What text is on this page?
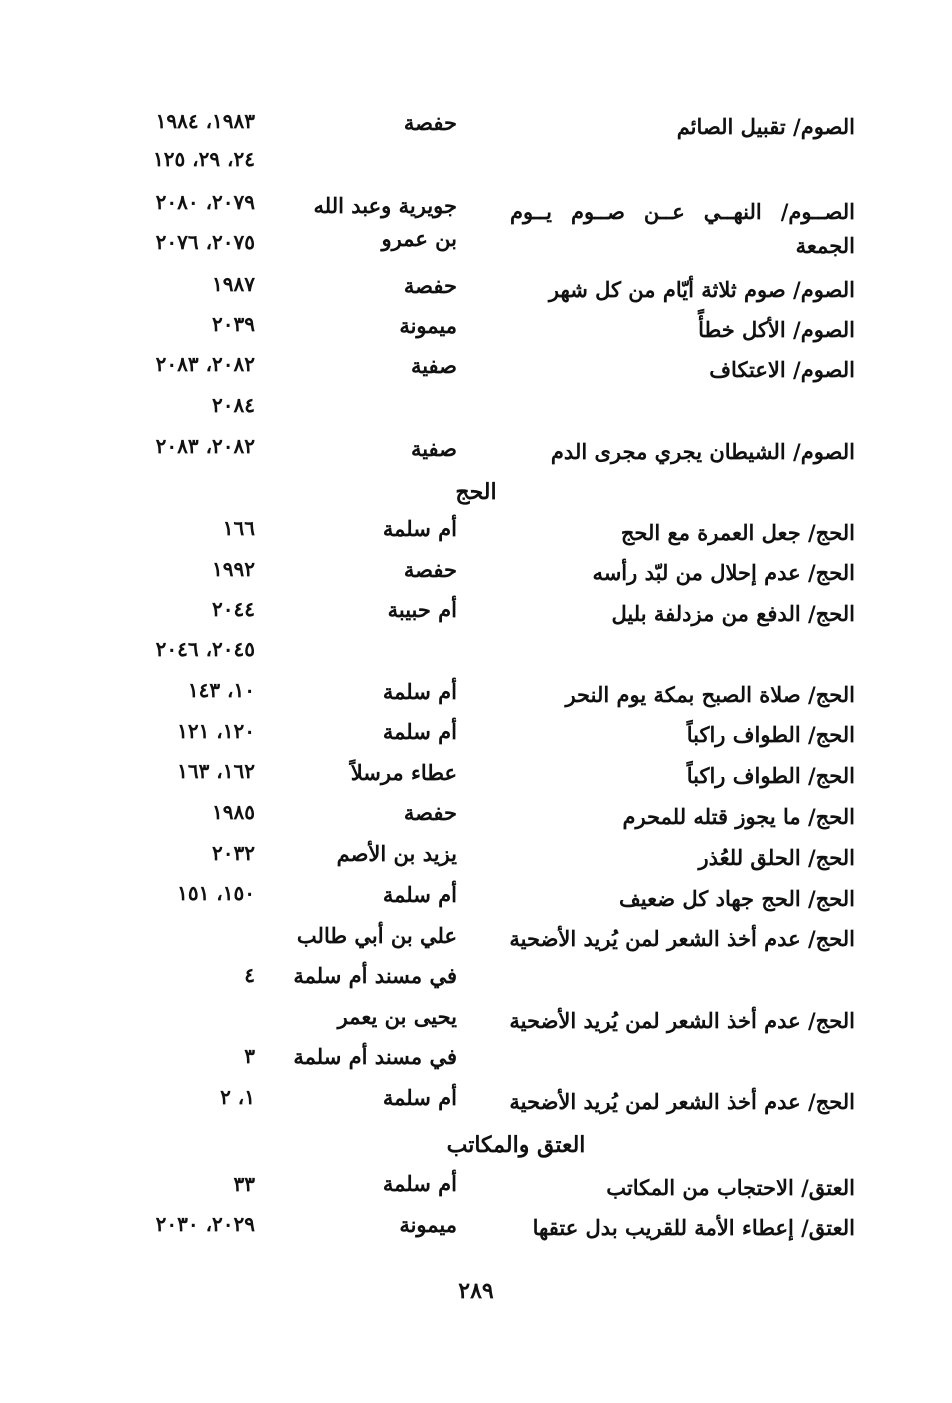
الصوم/ تقبيل الصائم
حفصة
١٩٨٣، ١٩٨٤
٢٤، ٢٩، ١٢٥
الصــوم/ النهــي عــن صــوم يــوم
الجمعة
جويرية وعبد الله
بن عمرو
٢٠٧٩، ٢٠٨٠
٢٠٧٥، ٢٠٧٦
الصوم/ صوم ثلاثة أيّام من كل شهر
حفصة
١٩٨٧
الصوم/ الأكل خطأً
ميمونة
٢٠٣٩
الصوم/ الاعتكاف
صفية
٢٠٨٢، ٢٠٨٣
٢٠٨٤
الصوم/ الشيطان يجري مجرى الدم
صفية
٢٠٨٢، ٢٠٨٣
الحج
الحج/ جعل العمرة مع الحج
أم سلمة
١٦٦
الحج/ عدم إحلال من لبّد رأسه
حفصة
١٩٩٢
الحج/ الدفع من مزدلفة بليل
أم حبيبة
٢٠٤٤
٢٠٤٥، ٢٠٤٦
الحج/ صلاة الصبح بمكة يوم النحر
أم سلمة
١٠، ١٤٣
الحج/ الطواف راكباً
أم سلمة
١٢٠، ١٢١
الحج/ الطواف راكباً
عطاء مرسلاً
١٦٢، ١٦٣
الحج/ ما يجوز قتله للمحرم
حفصة
١٩٨٥
الحج/ الحلق للعُذر
يزيد بن الأصم
٢٠٣٢
الحج/ الحج جهاد كل ضعيف
أم سلمة
١٥٠، ١٥١
الحج/ عدم أخذ الشعر لمن يُريد الأضحية
علي بن أبي طالب
في مسند أم سلمة
٤
الحج/ عدم أخذ الشعر لمن يُريد الأضحية
يحيى بن يعمر
في مسند أم سلمة
٣
الحج/ عدم أخذ الشعر لمن يُريد الأضحية
أم سلمة
١، ٢
العتق والمكاتب
العتق/ الاحتجاب من المكاتب
أم سلمة
٣٣
العتق/ إعطاء الأمة للقريب بدل عتقها
ميمونة
٢٠٢٩، ٢٠٣٠
٢٨٩
